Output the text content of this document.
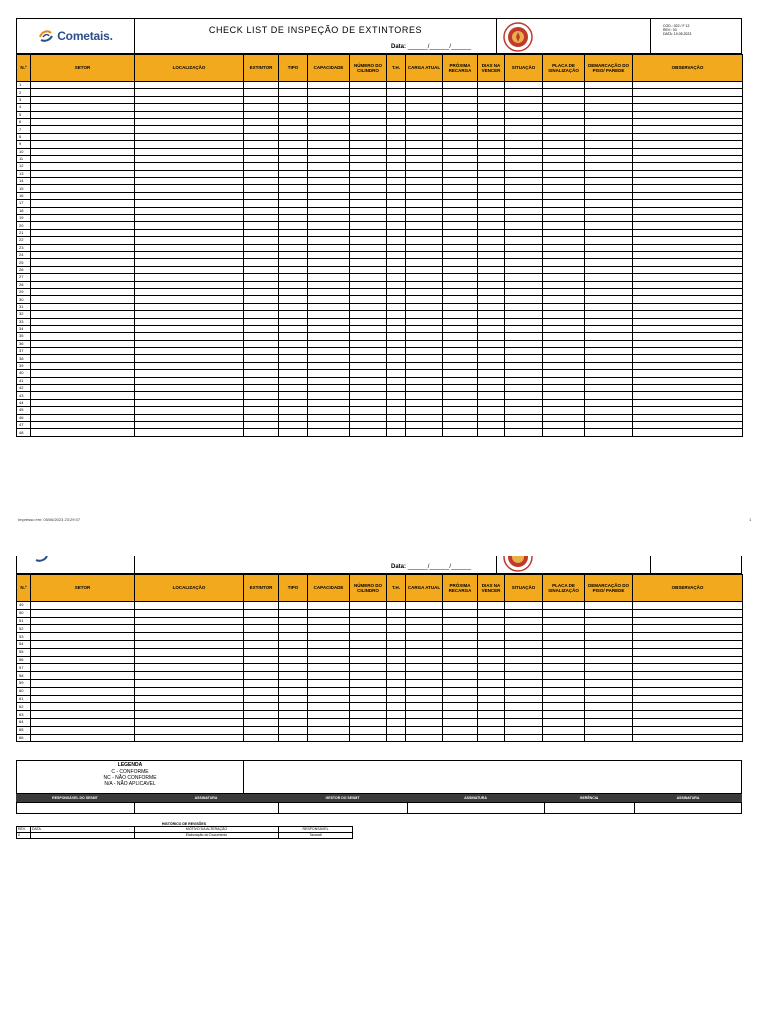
Cometais.	CHECK LIST DE INSPEÇÃO DE EXTINTORES
Data: ______/______/______
COD.: 022 / F 12
REV.: 00
DATA: 10.05.2023
N.º	SETOR	LOCALIZAÇÃO	EXTINTOR	TIPO	CAPACIDADE	NÚMERO DO CILINDRO	T.H.	CARGA ATUAL	PRÓXIMA RECARGA	DIAS NA VENCER	SITUAÇÃO	PLACA DE SINALIZAÇÃO	DEMARCAÇÃO DO PISO/ PAREDE	OBSERVAÇÃO
1														
2														
3														
4														
5														
6														
7														
8														
9														
10														
11														
12														
13														
14														
15														
16														
17														
18														
19														
20														
21														
22														
23														
24														
25														
26														
27														
28														
29														
30														
31														
32														
33														
34														
35														
36														
37														
38														
39														
40														
41														
42														
43														
44														
45														
46														
47														
48														
Impresso em: 05/06/2023 23:29:07	1
Data: ______/______/______
N.º	SETOR	LOCALIZAÇÃO	EXTINTOR	TIPO	CAPACIDADE	NÚMERO DO CILINDRO	T.H.	CARGA ATUAL	PRÓXIMA RECARGA	DIAS NA VENCER	SITUAÇÃO	PLACA DE SINALIZAÇÃO	DEMARCAÇÃO DO PISO/ PAREDE	OBSERVAÇÃO
49														
50														
51														
52														
53														
54														
55														
56														
57														
58														
59														
60														
61														
62														
63														
64														
65														
66														
LEGENDA
C - CONFORME
NC - NÃO CONFORME
N/A - NÃO APLICAVEL
RESPONSÁVEL DO SESMT	ASSINATURA	GESTOR DO SESMT	ASSINATURA	GERÊNCIA	ASSINATURA
HISTÓRICO DE REVISÕES
REV.	DATA	MOTIVO DA ALTERAÇÃO	RESPONSÁVEL
0		Elaboração do Documento	Tavarati
